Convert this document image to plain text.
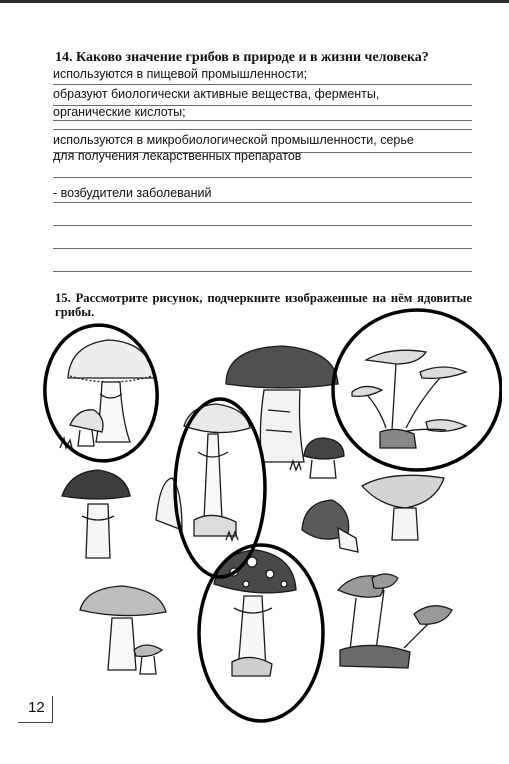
14. Каково значение грибов в природе и в жизни человека?

используются в пищевой промышленности;

образуют биологически активные вещества, ферменты,

органические кислоты;

используются в микробиологической промышленности, серье

для получения лекарственных препаратов

- возбудители заболеваний

15. Рассмотрите рисунок, подчеркните изображенные на нём ядовитые грибы.

12
